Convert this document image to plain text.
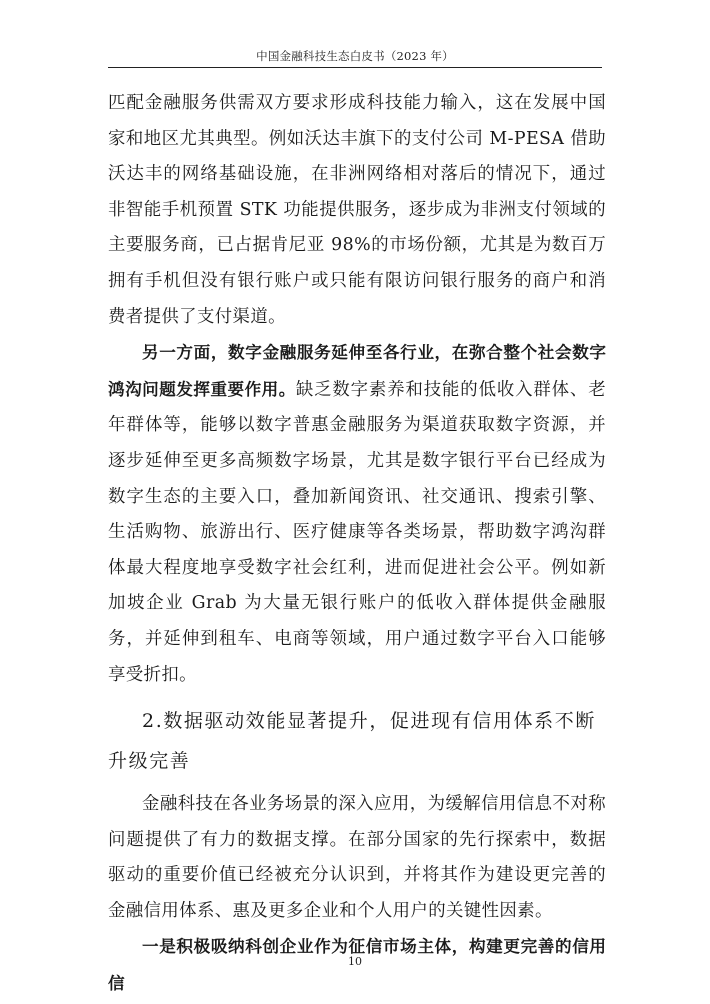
中国金融科技生态白皮书（2023 年）

匹配金融服务供需双方要求形成科技能力输入，这在发展中国家和地区尤其典型。例如沃达丰旗下的支付公司 M-PESA 借助沃达丰的网络基础设施，在非洲网络相对落后的情况下，通过非智能手机预置 STK 功能提供服务，逐步成为非洲支付领域的主要服务商，已占据肯尼亚 98%的市场份额，尤其是为数百万拥有手机但没有银行账户或只能有限访问银行服务的商户和消费者提供了支付渠道。

另一方面，数字金融服务延伸至各行业，在弥合整个社会数字鸿沟问题发挥重要作用。缺乏数字素养和技能的低收入群体、老年群体等，能够以数字普惠金融服务为渠道获取数字资源，并逐步延伸至更多高频数字场景，尤其是数字银行平台已经成为数字生态的主要入口，叠加新闻资讯、社交通讯、搜索引擎、生活购物、旅游出行、医疗健康等各类场景，帮助数字鸿沟群体最大程度地享受数字社会红利，进而促进社会公平。例如新加坡企业 Grab 为大量无银行账户的低收入群体提供金融服务，并延伸到租车、电商等领域，用户通过数字平台入口能够享受折扣。

2.数据驱动效能显著提升，促进现有信用体系不断升级完善

金融科技在各业务场景的深入应用，为缓解信用信息不对称问题提供了有力的数据支撑。在部分国家的先行探索中，数据驱动的重要价值已经被充分认识到，并将其作为建设更完善的金融信用体系、惠及更多企业和个人用户的关键性因素。

一是积极吸纳科创企业作为征信市场主体，构建更完善的信用信

10
